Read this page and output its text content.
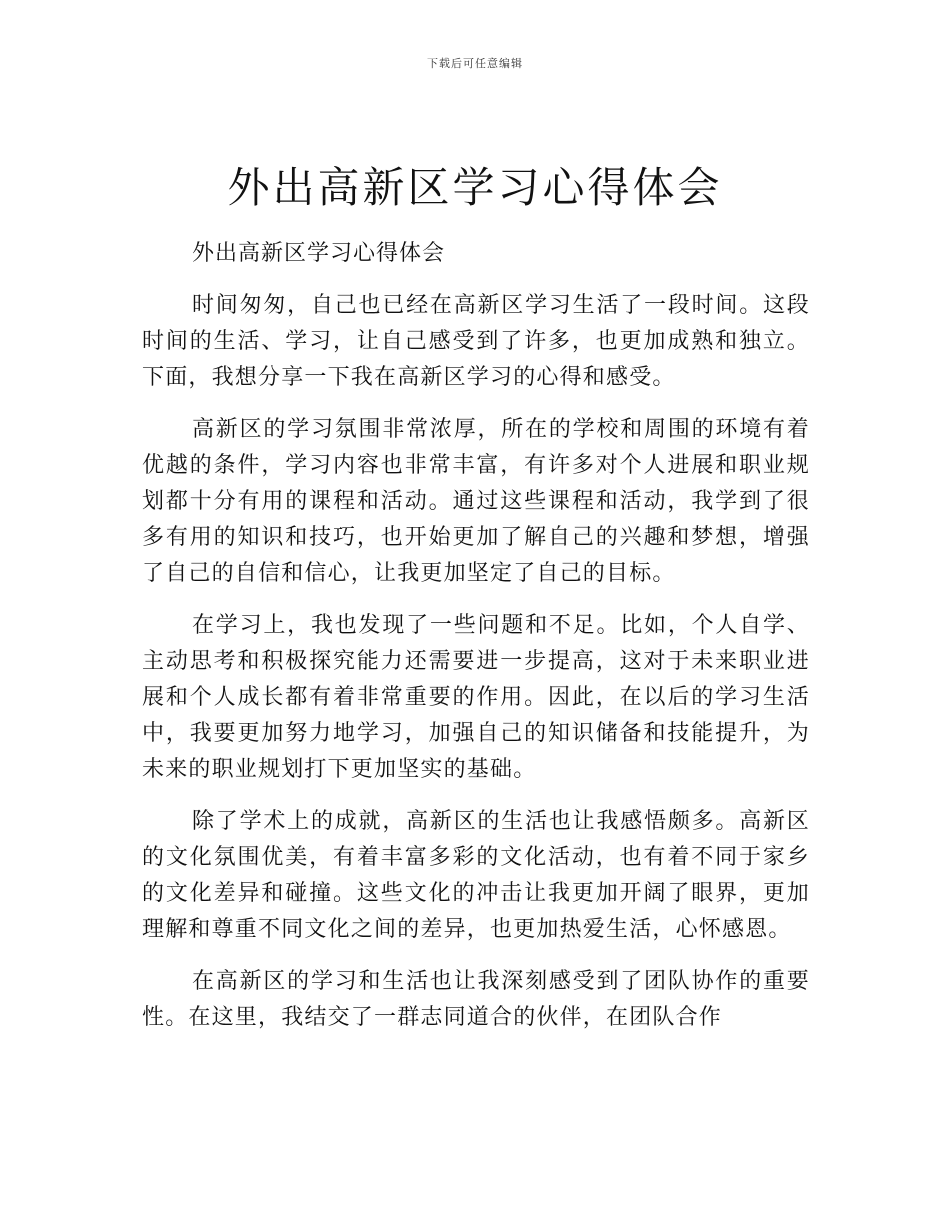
下载后可任意编辑
外出高新区学习心得体会

外出高新区学习心得体会

时间匆匆，自己也已经在高新区学习生活了一段时间。这段时间的生活、学习，让自己感受到了许多，也更加成熟和独立。下面，我想分享一下我在高新区学习的心得和感受。

高新区的学习氛围非常浓厚，所在的学校和周围的环境有着优越的条件，学习内容也非常丰富，有许多对个人进展和职业规划都十分有用的课程和活动。通过这些课程和活动，我学到了很多有用的知识和技巧，也开始更加了解自己的兴趣和梦想，增强了自己的自信和信心，让我更加坚定了自己的目标。

在学习上，我也发现了一些问题和不足。比如，个人自学、主动思考和积极探究能力还需要进一步提高，这对于未来职业进展和个人成长都有着非常重要的作用。因此，在以后的学习生活中，我要更加努力地学习，加强自己的知识储备和技能提升，为未来的职业规划打下更加坚实的基础。

除了学术上的成就，高新区的生活也让我感悟颇多。高新区的文化氛围优美，有着丰富多彩的文化活动，也有着不同于家乡的文化差异和碰撞。这些文化的冲击让我更加开阔了眼界，更加理解和尊重不同文化之间的差异，也更加热爱生活，心怀感恩。

在高新区的学习和生活也让我深刻感受到了团队协作的重要性。在这里，我结交了一群志同道合的伙伴，在团队合作
